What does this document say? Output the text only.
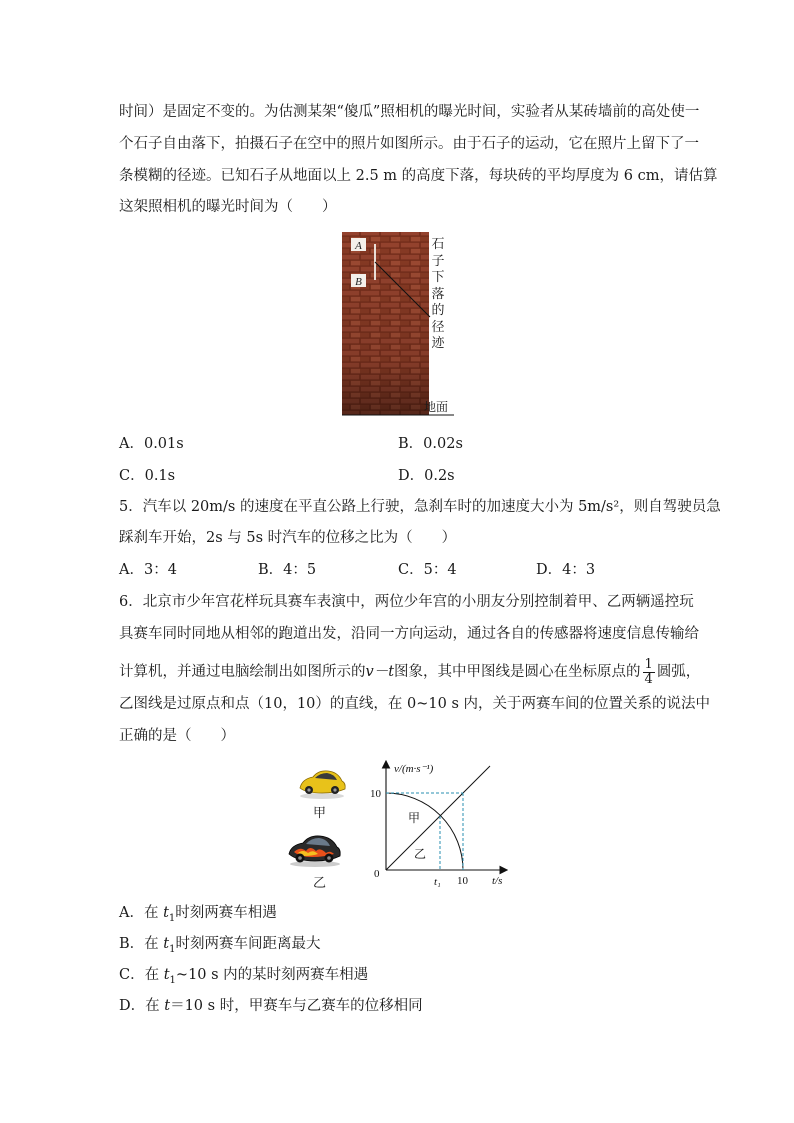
时间）是固定不变的。为估测某架“傻瓜”照相机的曝光时间，实验者从某砖墙前的高处使一
个石子自由落下，拍摄石子在空中的照片如图所示。由于石子的运动，它在照片上留下了一
条模糊的径迹。已知石子从地面以上 2.5 m 的高度下落，每块砖的平均厚度为 6 cm，请估算
这架照相机的曝光时间为（　　）
A
B
石
子
下
落
的
径
迹
地面
A．0.01s	B．0.02s
C．0.1s	D．0.2s
5．汽车以 20m/s 的速度在平直公路上行驶，急刹车时的加速度大小为 5m/s²，则自驾驶员急
踩刹车开始，2s 与 5s 时汽车的位移之比为（　　）
A．3：4	B．4：5	C．5：4	D．4：3
6．北京市少年宫花样玩具赛车表演中，两位少年宫的小朋友分别控制着甲、乙两辆遥控玩
具赛车同时同地从相邻的跑道出发，沿同一方向运动，通过各自的传感器将速度信息传输给
计算机，并通过电脑绘制出如图所示的v－t图象，其中甲图线是圆心在坐标原点的 $\frac{1}{4}$ 圆弧，
乙图线是过原点和点（10，10）的直线，在 0~10 s 内，关于两赛车间的位置关系的说法中
正确的是（　　）
甲
乙
v/(m·s⁻¹)
t/s
10
10
t₁
0
甲
乙
A．在 $t_1$时刻两赛车相遇
B．在 $t_1$时刻两赛车间距离最大
C．在 $t_1\sim 10$ s 内的某时刻两赛车相遇
D．在 t＝10 s 时，甲赛车与乙赛车的位移相同
